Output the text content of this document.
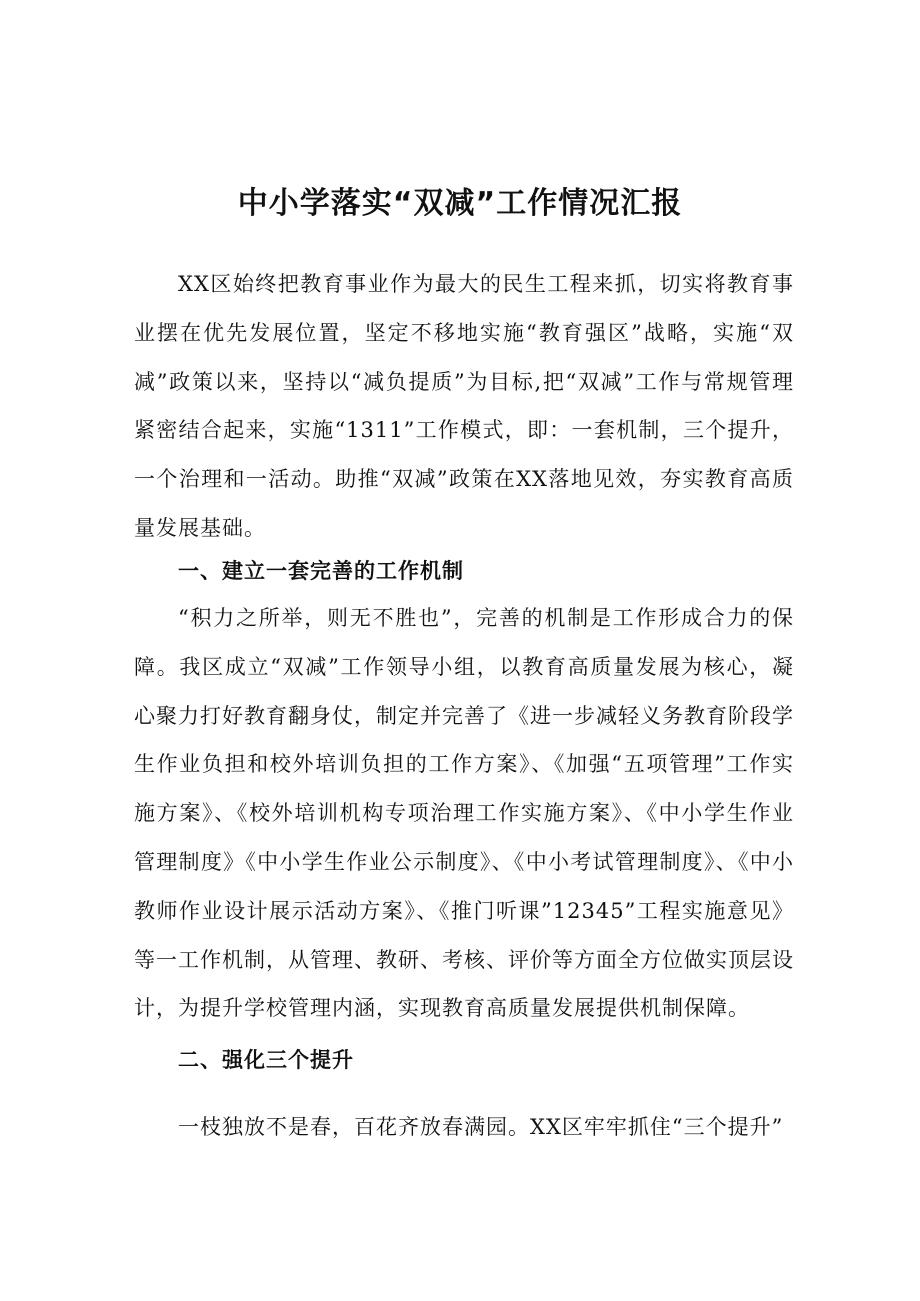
中小学落实“双减”工作情况汇报

XX区始终把教育事业作为最大的民生工程来抓，切实将教育事业摆在优先发展位置，坚定不移地实施“教育强区”战略，实施“双减”政策以来，坚持以“减负提质”为目标,把“双减”工作与常规管理紧密结合起来，实施“1311”工作模式，即：一套机制，三个提升，一个治理和一活动。助推“双减”政策在XX落地见效，夯实教育高质量发展基础。

一、建立一套完善的工作机制

“积力之所举，则无不胜也”，完善的机制是工作形成合力的保障。我区成立“双减”工作领导小组，以教育高质量发展为核心，凝心聚力打好教育翻身仗，制定并完善了《进一步减轻义务教育阶段学生作业负担和校外培训负担的工作方案》、《加强“五项管理”工作实施方案》、《校外培训机构专项治理工作实施方案》、《中小学生作业管理制度》《中小学生作业公示制度》、《中小考试管理制度》、《中小教师作业设计展示活动方案》、《推门听课”12345”工程实施意见》等一工作机制，从管理、教研、考核、评价等方面全方位做实顶层设计，为提升学校管理内涵，实现教育高质量发展提供机制保障。

二、强化三个提升

一枝独放不是春，百花齐放春满园。XX区牢牢抓住“三个提升”
